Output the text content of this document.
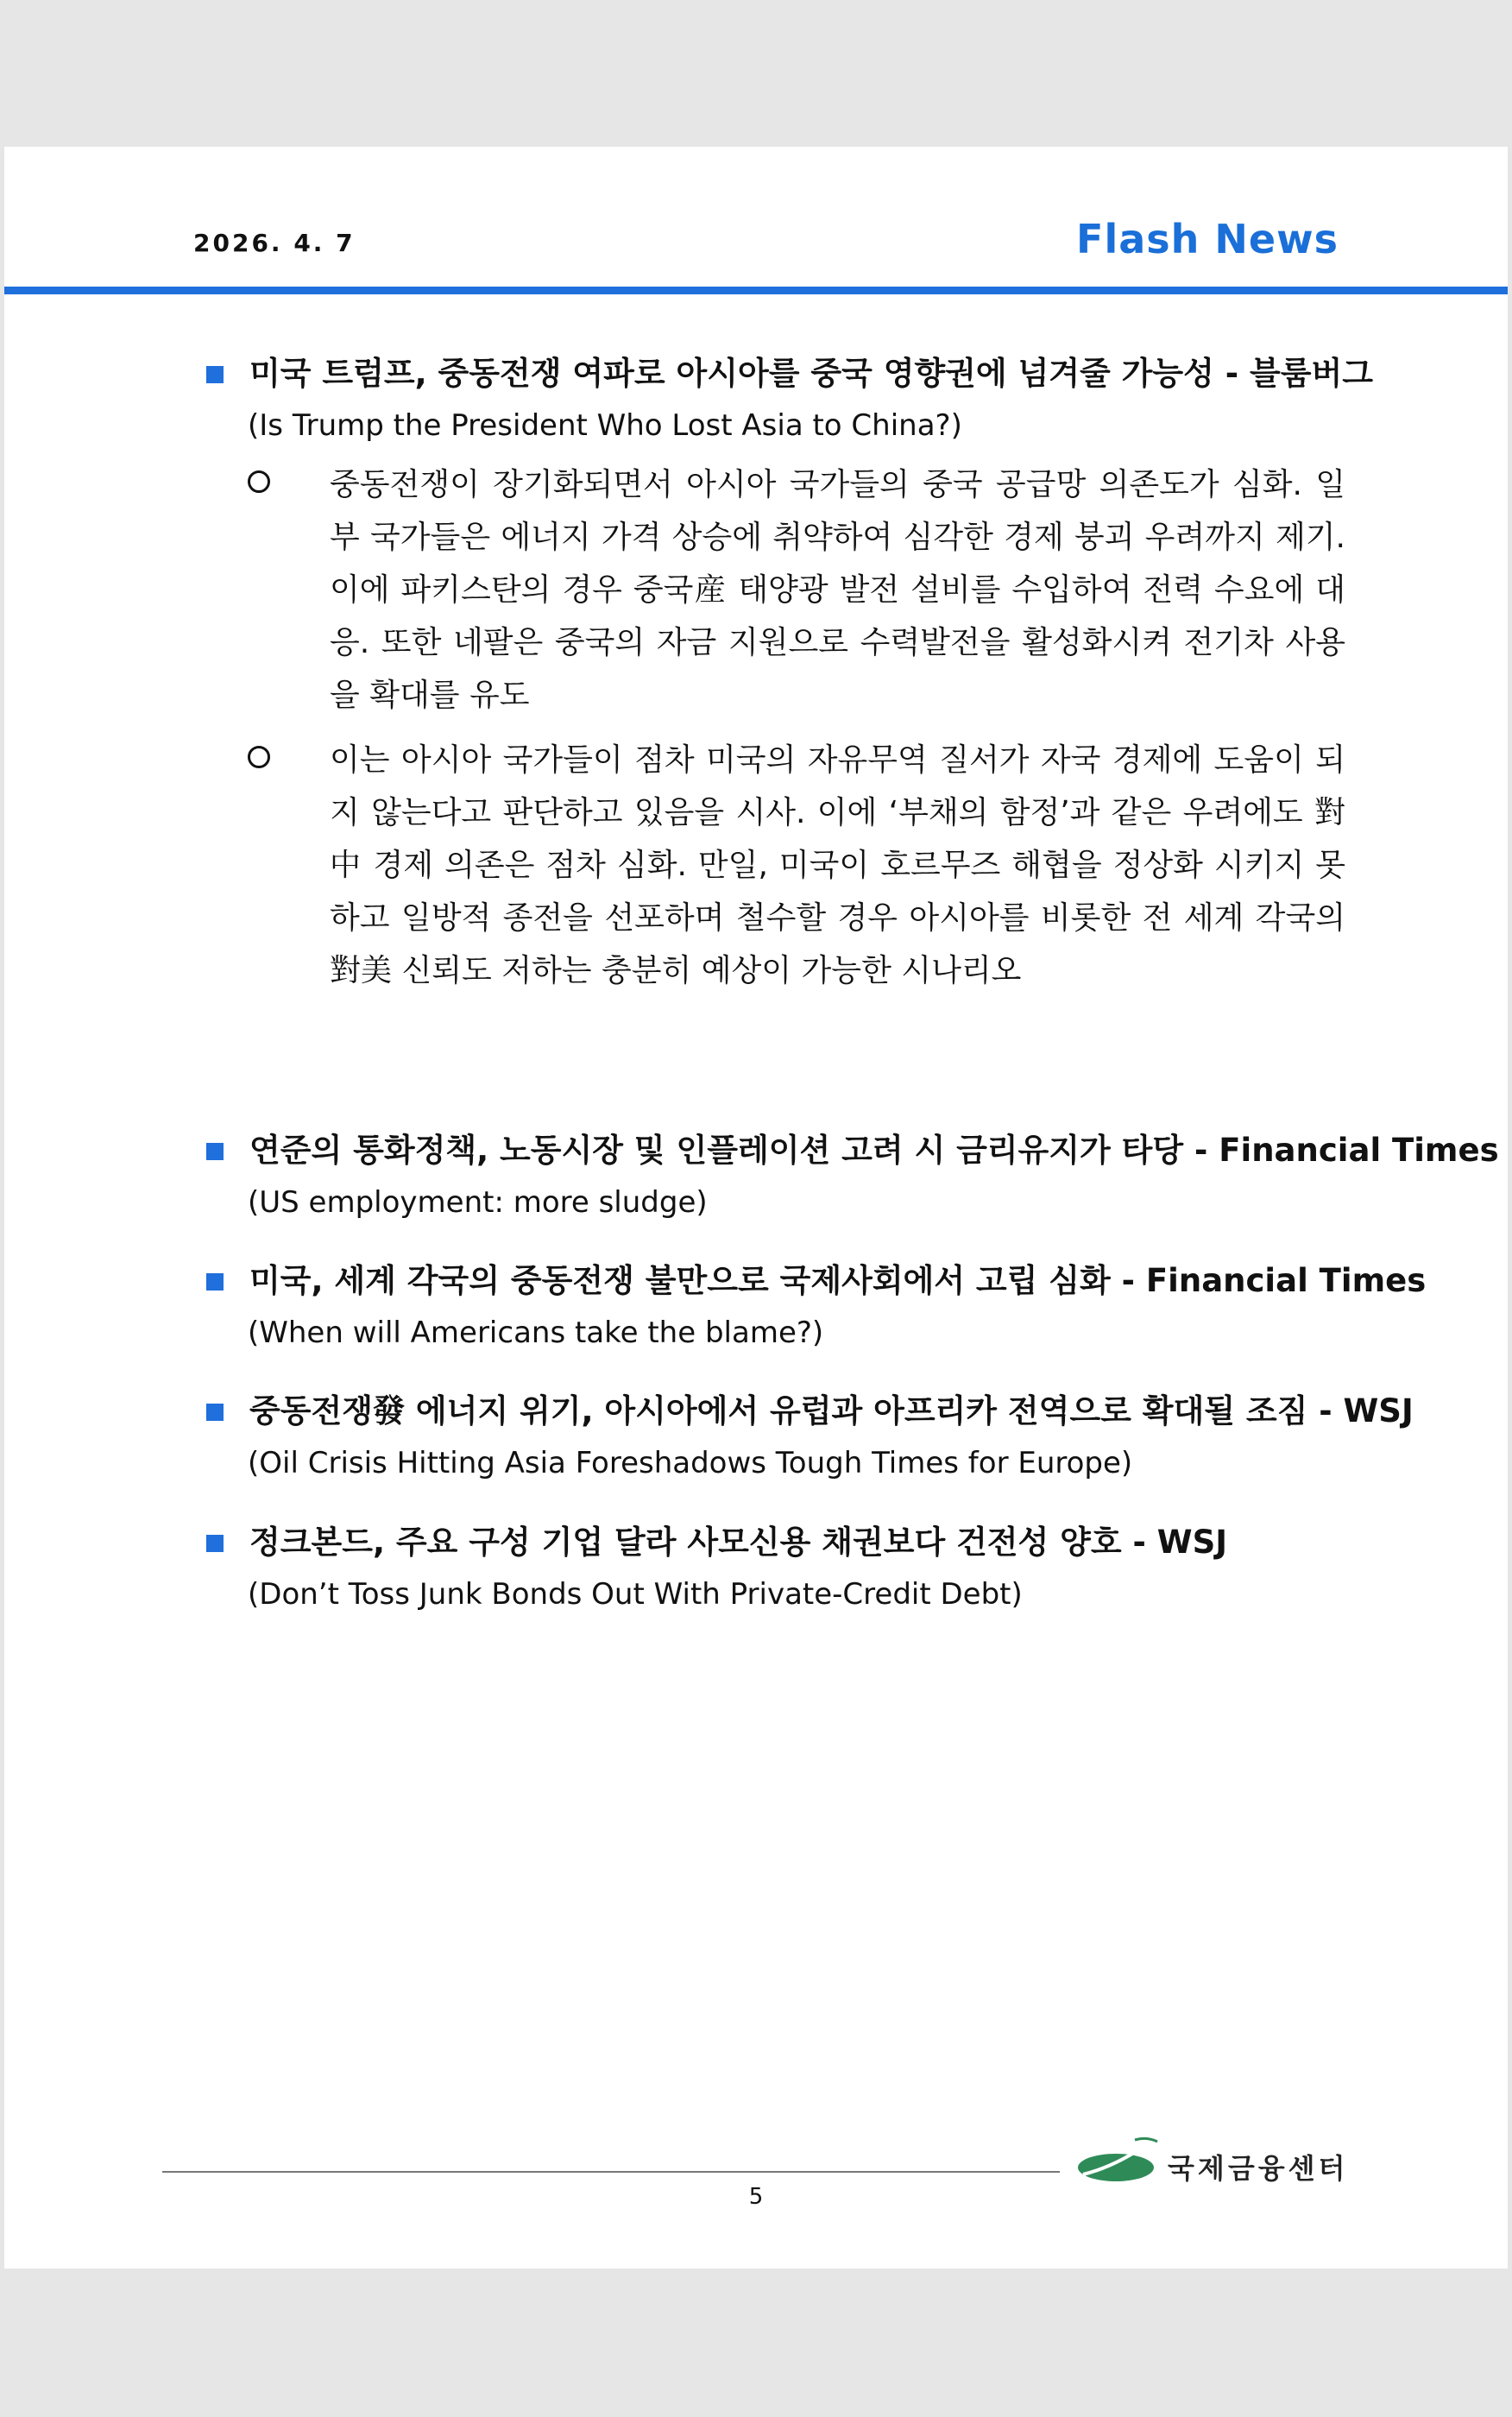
2026. 4. 7	Flash News
미국 트럼프, 중동전쟁 여파로 아시아를 중국 영향권에 넘겨줄 가능성 - 블룸버그
(Is Trump the President Who Lost Asia to China?)
중동전쟁이 장기화되면서 아시아 국가들의 중국 공급망 의존도가 심화. 일부 국가들은 에너지 가격 상승에 취약하여 심각한 경제 붕괴 우려까지 제기. 이에 파키스탄의 경우 중국産 태양광 발전 설비를 수입하여 전력 수요에 대응. 또한 네팔은 중국의 자금 지원으로 수력발전을 활성화시켜 전기차 사용을 확대를 유도
이는 아시아 국가들이 점차 미국의 자유무역 질서가 자국 경제에 도움이 되지 않는다고 판단하고 있음을 시사. 이에 ‘부채의 함정’과 같은 우려에도 對中 경제 의존은 점차 심화. 만일, 미국이 호르무즈 해협을 정상화 시키지 못하고 일방적 종전을 선포하며 철수할 경우 아시아를 비롯한 전 세계 각국의 對美 신뢰도 저하는 충분히 예상이 가능한 시나리오
연준의 통화정책, 노동시장 및 인플레이션 고려 시 금리유지가 타당 - Financial Times
(US employment: more sludge)
미국, 세계 각국의 중동전쟁 불만으로 국제사회에서 고립 심화 - Financial Times
(When will Americans take the blame?)
중동전쟁發 에너지 위기, 아시아에서 유럽과 아프리카 전역으로 확대될 조짐 - WSJ
(Oil Crisis Hitting Asia Foreshadows Tough Times for Europe)
정크본드, 주요 구성 기업 달라 사모신용 채권보다 건전성 양호 - WSJ
(Don’t Toss Junk Bonds Out With Private-Credit Debt)
5
국제금융센터
